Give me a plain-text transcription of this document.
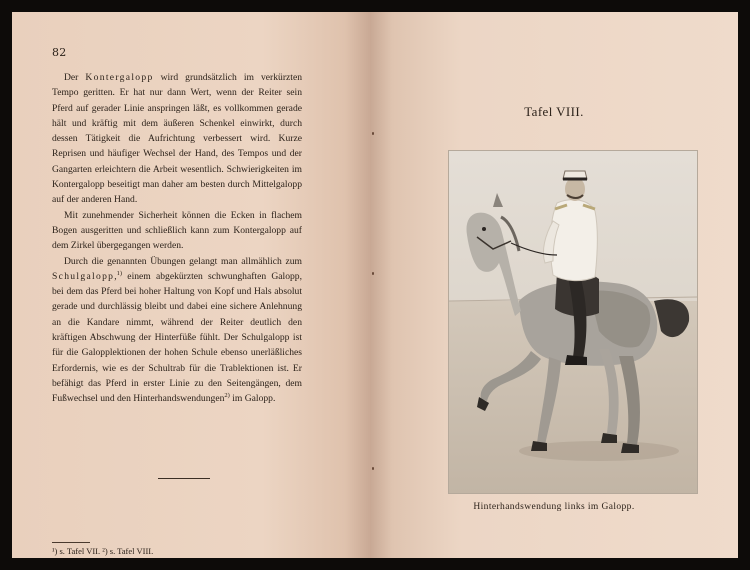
82

Der Kontergalopp wird grundsätzlich im verkürzten Tempo geritten. Er hat nur dann Wert, wenn der Reiter sein Pferd auf gerader Linie anspringen läßt, es vollkommen gerade hält und kräftig mit dem äußeren Schenkel einwirkt, durch dessen Tätigkeit die Aufrichtung verbessert wird. Kurze Reprisen und häufiger Wechsel der Hand, des Tempos und der Gangarten erleichtern die Arbeit wesentlich. Schwierigkeiten im Kontergalopp beseitigt man daher am besten durch Mittelgalopp auf der anderen Hand.

Mit zunehmender Sicherheit können die Ecken in flachem Bogen ausgeritten und schließlich kann zum Kontergalopp auf dem Zirkel übergegangen werden.

Durch die genannten Übungen gelangt man allmählich zum Schulgalopp,$^{1)}$ einem abgekürzten schwunghaften Galopp, bei dem das Pferd bei hoher Haltung von Kopf und Hals absolut gerade und durchlässig bleibt und dabei eine sichere Anlehnung an die Kandare nimmt, während der Reiter deutlich den kräftigen Abschwung der Hinterfüße fühlt. Der Schulgalopp ist für die Galopplektionen der hohen Schule ebenso unerläßliches Erfordernis, wie es der Schultrab für die Trablektionen ist. Er befähigt das Pferd in erster Linie zu den Seitengängen, dem Fußwechsel und den Hinterhandswendungen$^{2)}$ im Galopp.

¹) s. Tafel VII. ²) s. Tafel VIII.
Tafel VIII.
Hinterhandswendung links im Galopp.
